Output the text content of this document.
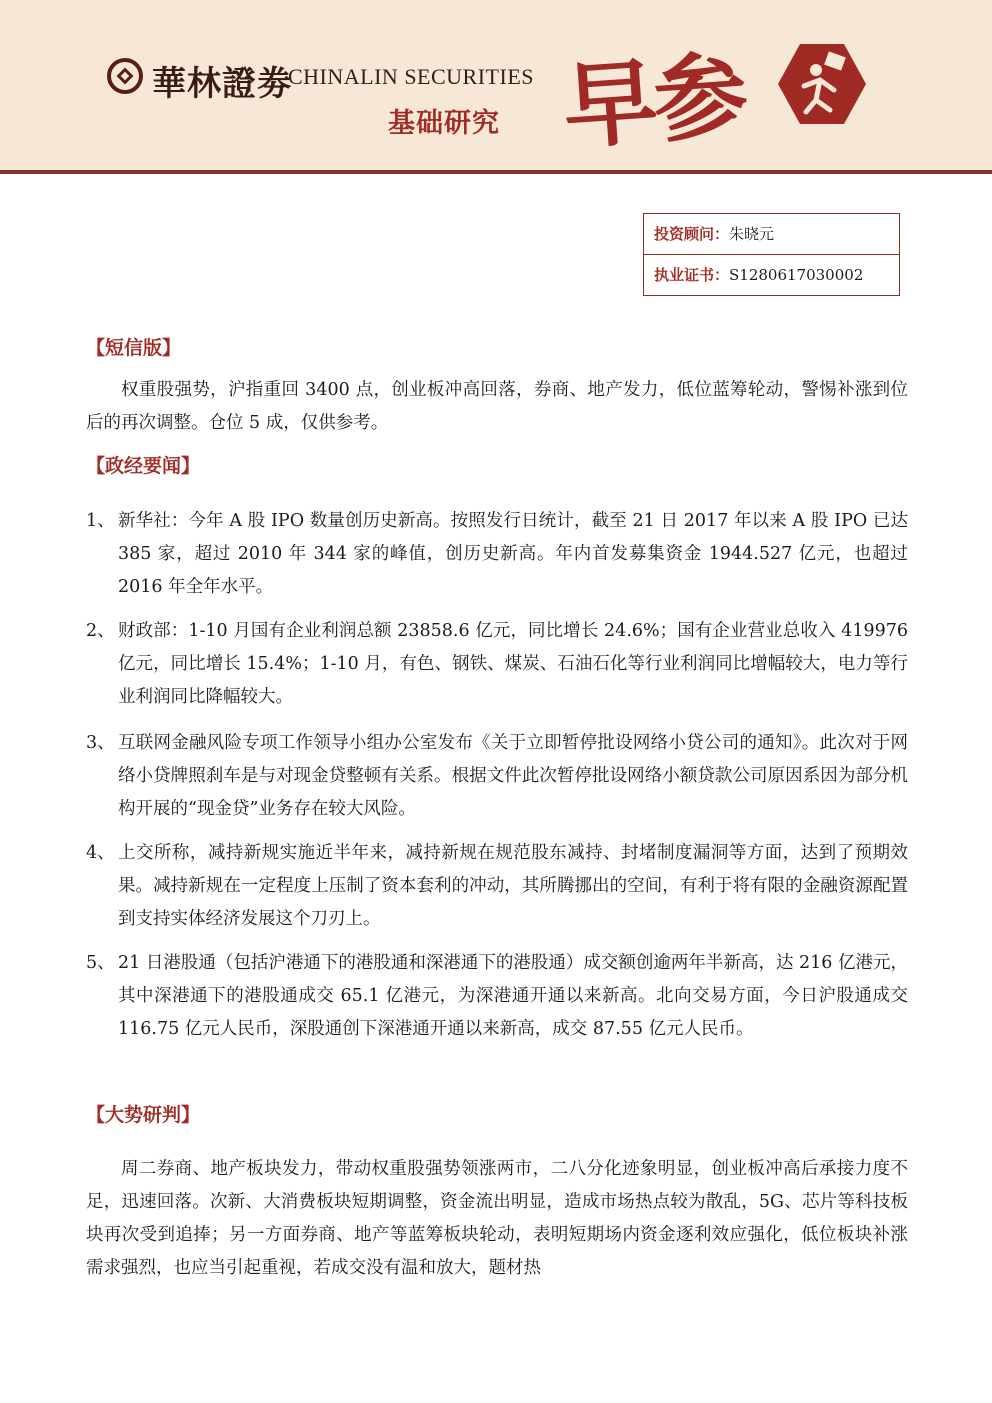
華林證劵
CHINALIN SECURITIES
基础研究 早参
投资顾问：朱晓元
执业证书：S1280617030002
【短信版】
权重股强势，沪指重回 3400 点，创业板冲高回落，券商、地产发力，低位蓝筹轮动，警惕补涨到位后的再次调整。仓位 5 成，仅供参考。
【政经要闻】
1、 新华社：今年 A 股 IPO 数量创历史新高。按照发行日统计，截至 21 日 2017 年以来 A 股 IPO 已达 385 家，超过 2010 年 344 家的峰值，创历史新高。年内首发募集资金 1944.527 亿元，也超过 2016 年全年水平。
2、 财政部：1-10 月国有企业利润总额 23858.6 亿元，同比增长 24.6%；国有企业营业总收入 419976 亿元，同比增长 15.4%；1-10 月，有色、钢铁、煤炭、石油石化等行业利润同比增幅较大，电力等行业利润同比降幅较大。
3、 互联网金融风险专项工作领导小组办公室发布《关于立即暂停批设网络小贷公司的通知》。此次对于网络小贷牌照刹车是与对现金贷整顿有关系。根据文件此次暂停批设网络小额贷款公司原因系因为部分机构开展的“现金贷”业务存在较大风险。
4、 上交所称，减持新规实施近半年来，减持新规在规范股东减持、封堵制度漏洞等方面，达到了预期效果。减持新规在一定程度上压制了资本套利的冲动，其所腾挪出的空间，有利于将有限的金融资源配置到支持实体经济发展这个刀刃上。
5、 21 日港股通（包括沪港通下的港股通和深港通下的港股通）成交额创逾两年半新高，达 216 亿港元，其中深港通下的港股通成交 65.1 亿港元，为深港通开通以来新高。北向交易方面，今日沪股通成交 116.75 亿元人民币，深股通创下深港通开通以来新高，成交 87.55 亿元人民币。
【大势研判】
周二券商、地产板块发力，带动权重股强势领涨两市，二八分化迹象明显，创业板冲高后承接力度不足，迅速回落。次新、大消费板块短期调整，资金流出明显，造成市场热点较为散乱，5G、芯片等科技板块再次受到追捧；另一方面券商、地产等蓝筹板块轮动，表明短期场内资金逐利效应强化，低位板块补涨需求强烈，也应当引起重视，若成交没有温和放大，题材热
